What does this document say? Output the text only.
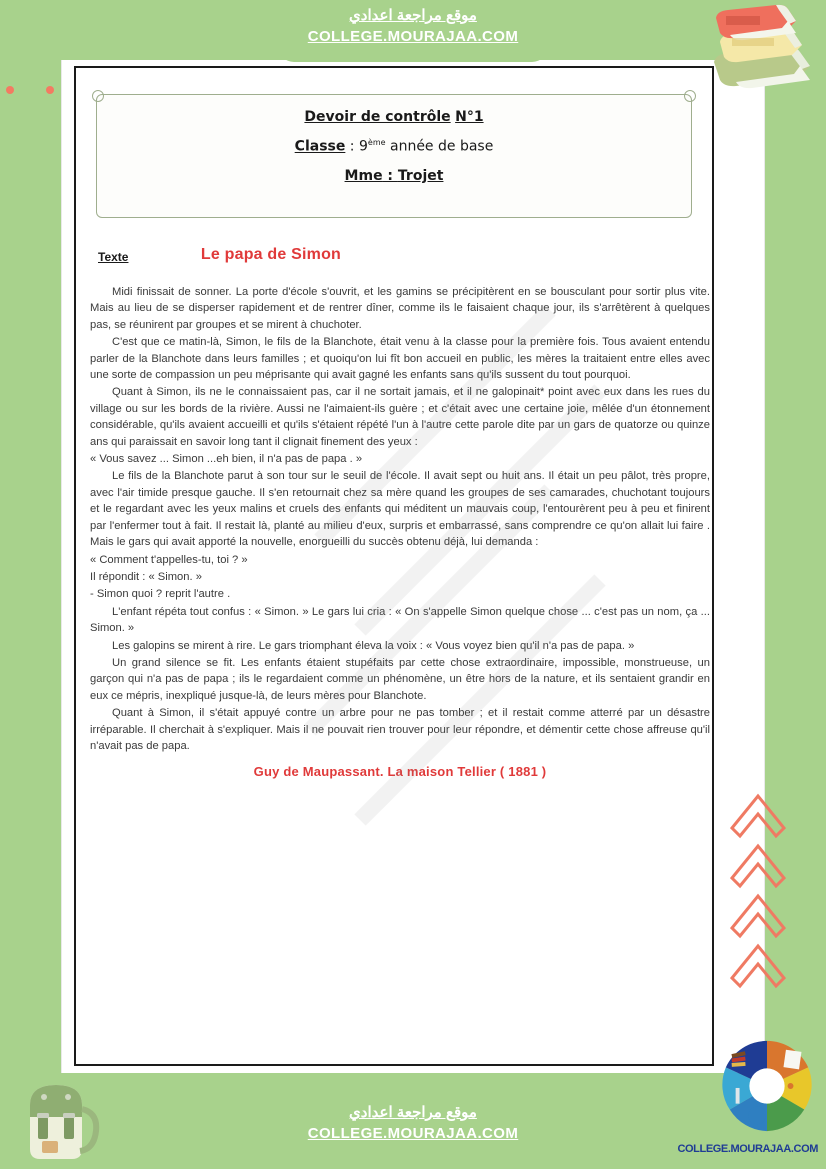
Devoir de contrôle N°1
Classe : 9ème année de base
Mme : Trojet
Texte	Le papa de Simon

Midi finissait de sonner. La porte d'école s'ouvrit, et les gamins se précipitèrent en se bousculant pour sortir plus vite. Mais au lieu de se disperser rapidement et de rentrer dîner, comme ils le faisaient chaque jour, ils s'arrêtèrent à quelques pas, se réunirent par groupes et se mirent à chuchoter.

C'est que ce matin-là, Simon, le fils de la Blanchote, était venu à la classe pour la première fois. Tous avaient entendu parler de la Blanchote dans leurs familles ; et quoiqu'on lui fît bon accueil en public, les mères la traitaient entre elles avec une sorte de compassion un peu méprisante qui avait gagné les enfants sans qu'ils sussent du tout pourquoi.

Quant à Simon, ils ne le connaissaient pas, car il ne sortait jamais, et il ne galopinait* point avec eux dans les rues du village ou sur les bords de la rivière. Aussi ne l'aimaient-ils guère ; et c'était avec une certaine joie, mêlée d'un étonnement considérable, qu'ils avaient accueilli et qu'ils s'étaient répété l'un à l'autre cette parole dite par un gars de quatorze ou quinze ans qui paraissait en savoir long tant il clignait finement des yeux :

« Vous savez ... Simon ...eh bien, il n'a pas de papa . »

Le fils de la Blanchote parut à son tour sur le seuil de l'école. Il avait sept ou huit ans. Il était un peu pâlot, très propre, avec l'air timide presque gauche. Il s'en retournait chez sa mère quand les groupes de ses camarades, chuchotant toujours et le regardant avec les yeux malins et cruels des enfants qui méditent un mauvais coup, l'entourèrent peu à peu et finirent par l'enfermer tout à fait. Il restait là, planté au milieu d'eux, surpris et embarrassé, sans comprendre ce qu'on allait lui faire . Mais le gars qui avait apporté la nouvelle, enorgueilli du succès obtenu déjà, lui demanda :

« Comment t'appelles-tu, toi ? »

Il répondit : « Simon. »

- Simon quoi ? reprit l'autre .

L'enfant répéta tout confus : « Simon. » Le gars lui cria : « On s'appelle Simon quelque chose ... c'est pas un nom, ça ... Simon. »

Les galopins se mirent à rire. Le gars triomphant éleva la voix : « Vous voyez bien qu'il n'a pas de papa. »

Un grand silence se fit. Les enfants étaient stupéfaits par cette chose extraordinaire, impossible, monstrueuse, un garçon qui n'a pas de papa ; ils le regardaient comme un phénomène, un être hors de la nature, et ils sentaient grandir en eux ce mépris, inexpliqué jusque-là, de leurs mères pour Blanchote.

Quant à Simon, il s'était appuyé contre un arbre pour ne pas tomber ; et il restait comme atterré par un désastre irréparable. Il cherchait à s'expliquer. Mais il ne pouvait rien trouver pour leur répondre, et démentir cette chose affreuse qu'il n'avait pas de papa.

Guy de Maupassant. La maison Tellier ( 1881 )
موقع مراجعة اعدادي
COLLEGE.MOURAJAA.COM
موقع مراجعة اعدادي
COLLEGE.MOURAJAA.COM
COLLEGE.MOURAJAA.COM
